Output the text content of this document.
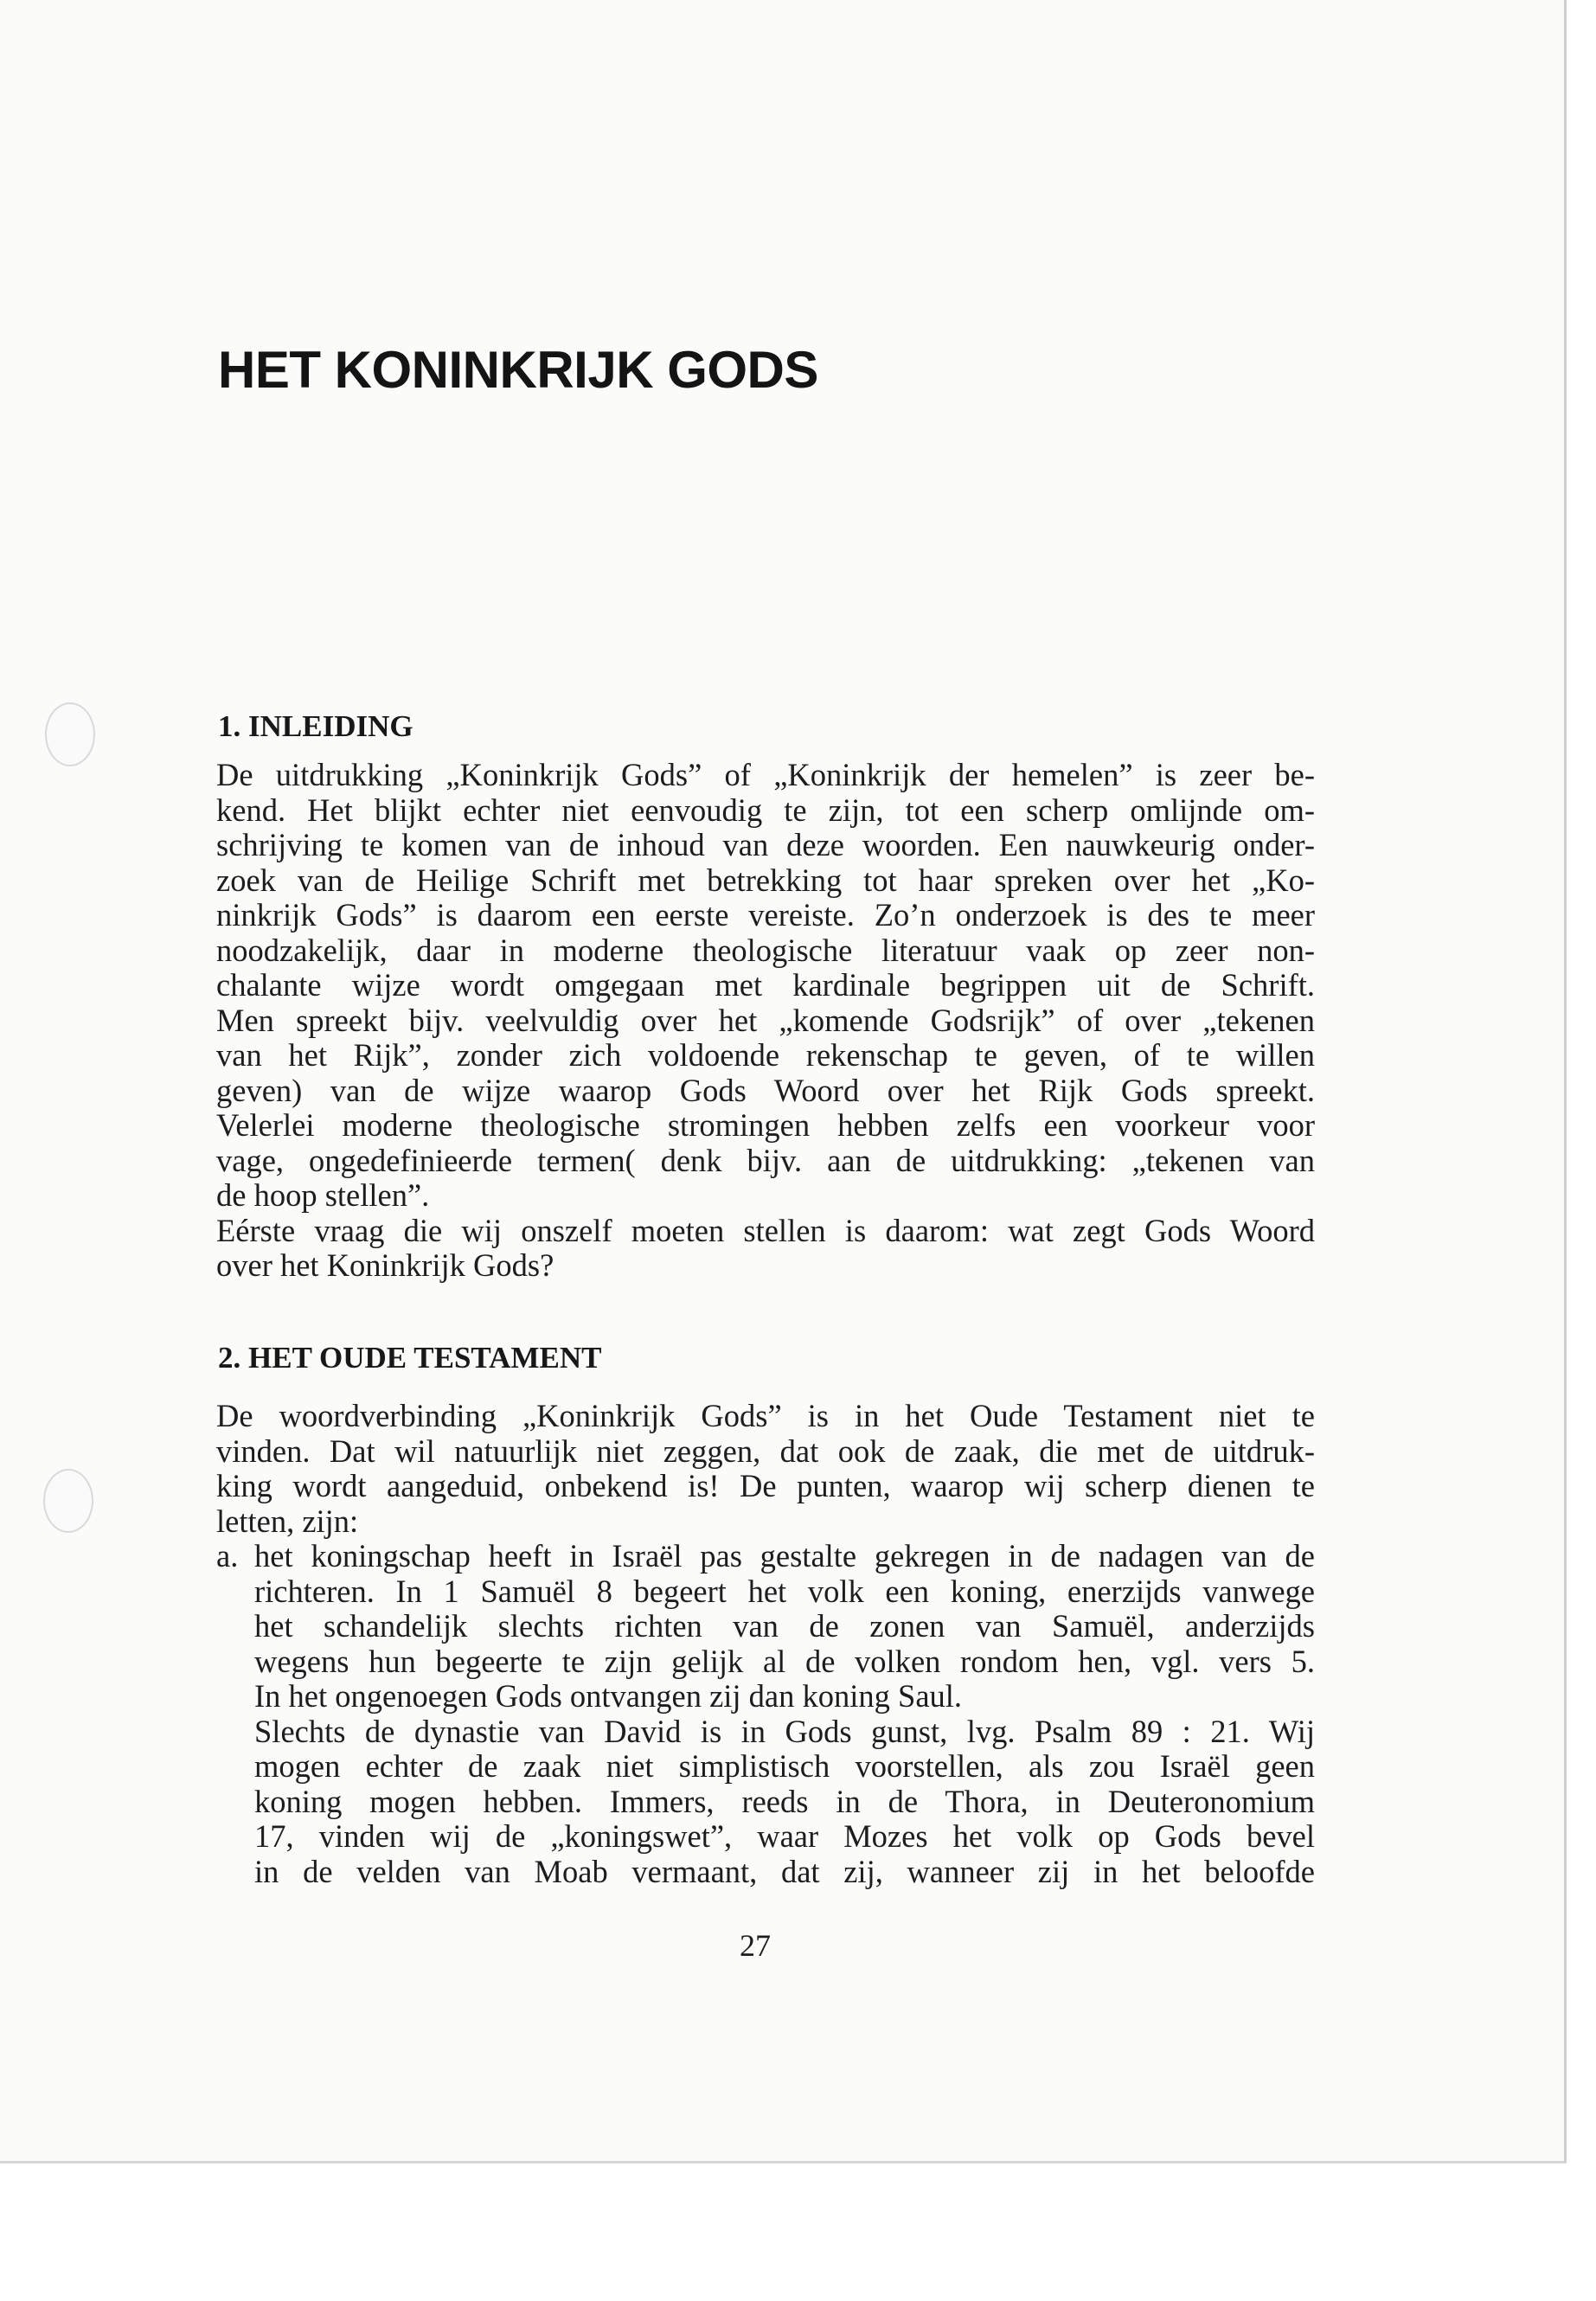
HET KONINKRIJK GODS
1. INLEIDING
De uitdrukking „Koninkrijk Gods” of „Koninkrijk der hemelen” is zeer be-
kend. Het blijkt echter niet eenvoudig te zijn, tot een scherp omlijnde om-
schrijving te komen van de inhoud van deze woorden. Een nauwkeurig onder-
zoek van de Heilige Schrift met betrekking tot haar spreken over het „Ko-
ninkrijk Gods” is daarom een eerste vereiste. Zo’n onderzoek is des te meer
noodzakelijk, daar in moderne theologische literatuur vaak op zeer non-
chalante wijze wordt omgegaan met kardinale begrippen uit de Schrift.
Men spreekt bijv. veelvuldig over het „komende Godsrijk” of over „tekenen
van het Rijk”, zonder zich voldoende rekenschap te geven, of te willen
geven) van de wijze waarop Gods Woord over het Rijk Gods spreekt.
Velerlei moderne theologische stromingen hebben zelfs een voorkeur voor
vage, ongedefinieerde termen( denk bijv. aan de uitdrukking: „tekenen van
de hoop stellen”.
Eérste vraag die wij onszelf moeten stellen is daarom: wat zegt Gods Woord
over het Koninkrijk Gods?
2. HET OUDE TESTAMENT
De woordverbinding „Koninkrijk Gods” is in het Oude Testament niet te
vinden. Dat wil natuurlijk niet zeggen, dat ook de zaak, die met de uitdruk-
king wordt aangeduid, onbekend is! De punten, waarop wij scherp dienen te
letten, zijn:
a. het koningschap heeft in Israël pas gestalte gekregen in de nadagen van de
richteren. In 1 Samuël 8 begeert het volk een koning, enerzijds vanwege
het schandelijk slechts richten van de zonen van Samuël, anderzijds
wegens hun begeerte te zijn gelijk al de volken rondom hen, vgl. vers 5.
In het ongenoegen Gods ontvangen zij dan koning Saul.
Slechts de dynastie van David is in Gods gunst, lvg. Psalm 89 : 21. Wij
mogen echter de zaak niet simplistisch voorstellen, als zou Israël geen
koning mogen hebben. Immers, reeds in de Thora, in Deuteronomium
17, vinden wij de „koningswet”, waar Mozes het volk op Gods bevel
in de velden van Moab vermaant, dat zij, wanneer zij in het beloofde
27
